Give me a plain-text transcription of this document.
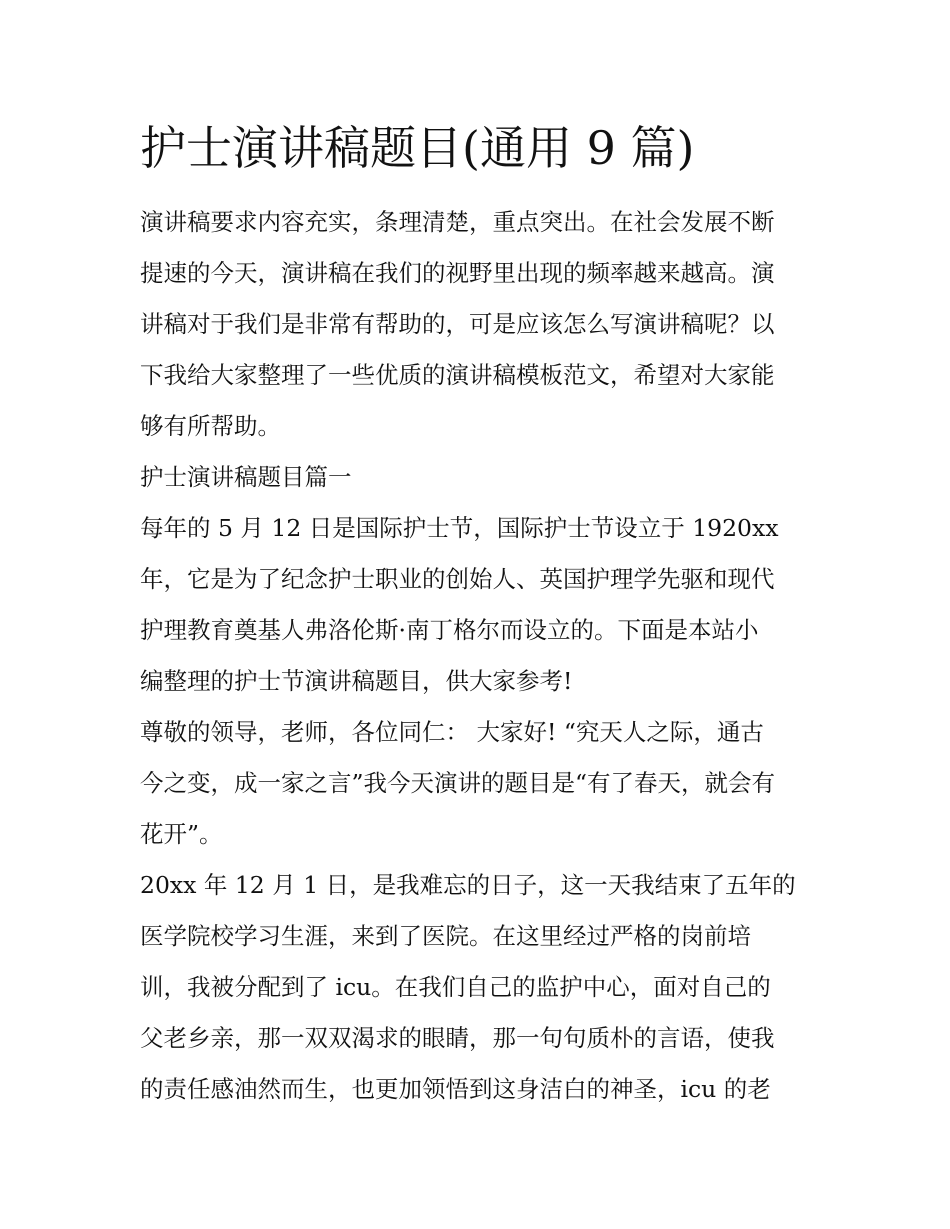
护士演讲稿题目(通用 9 篇)
演讲稿要求内容充实，条理清楚，重点突出。在社会发展不断
提速的今天，演讲稿在我们的视野里出现的频率越来越高。演
讲稿对于我们是非常有帮助的，可是应该怎么写演讲稿呢？以
下我给大家整理了一些优质的演讲稿模板范文，希望对大家能
够有所帮助。
护士演讲稿题目篇一
每年的 5 月 12 日是国际护士节，国际护士节设立于 1920xx
年，它是为了纪念护士职业的创始人、英国护理学先驱和现代
护理教育奠基人弗洛伦斯·南丁格尔而设立的。下面是本站小
编整理的护士节演讲稿题目，供大家参考!
尊敬的领导，老师，各位同仁： 大家好! “究天人之际，通古
今之变，成一家之言”我今天演讲的题目是“有了春天，就会有
花开”。
20xx 年 12 月 1 日，是我难忘的日子，这一天我结束了五年的
医学院校学习生涯，来到了医院。在这里经过严格的岗前培
训，我被分配到了 icu。在我们自己的监护中心，面对自己的
父老乡亲，那一双双渴求的眼睛，那一句句质朴的言语，使我
的责任感油然而生，也更加领悟到这身洁白的神圣，icu 的老
